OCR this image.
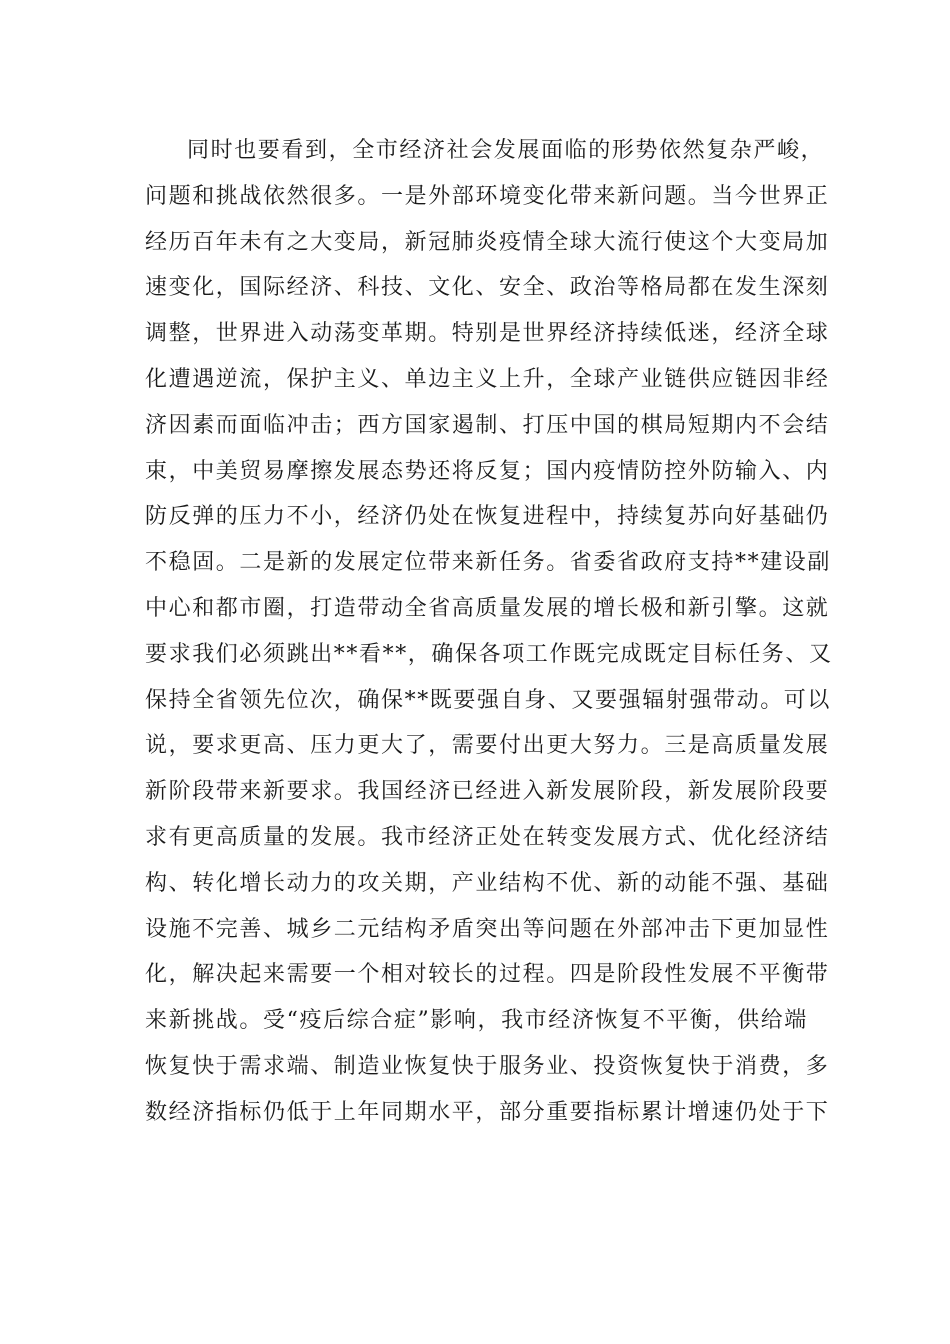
同时也要看到，全市经济社会发展面临的形势依然复杂严峻，
问题和挑战依然很多。一是外部环境变化带来新问题。当今世界正
经历百年未有之大变局，新冠肺炎疫情全球大流行使这个大变局加
速变化，国际经济、科技、文化、安全、政治等格局都在发生深刻
调整，世界进入动荡变革期。特别是世界经济持续低迷，经济全球
化遭遇逆流，保护主义、单边主义上升，全球产业链供应链因非经
济因素而面临冲击；西方国家遏制、打压中国的棋局短期内不会结
束，中美贸易摩擦发展态势还将反复；国内疫情防控外防输入、内
防反弹的压力不小，经济仍处在恢复进程中，持续复苏向好基础仍
不稳固。二是新的发展定位带来新任务。省委省政府支持**建设副
中心和都市圈，打造带动全省高质量发展的增长极和新引擎。这就
要求我们必须跳出**看**，确保各项工作既完成既定目标任务、又
保持全省领先位次，确保**既要强自身、又要强辐射强带动。可以
说，要求更高、压力更大了，需要付出更大努力。三是高质量发展
新阶段带来新要求。我国经济已经进入新发展阶段，新发展阶段要
求有更高质量的发展。我市经济正处在转变发展方式、优化经济结
构、转化增长动力的攻关期，产业结构不优、新的动能不强、基础
设施不完善、城乡二元结构矛盾突出等问题在外部冲击下更加显性
化，解决起来需要一个相对较长的过程。四是阶段性发展不平衡带
来新挑战。受“疫后综合症”影响，我市经济恢复不平衡，供给端
恢复快于需求端、制造业恢复快于服务业、投资恢复快于消费，多
数经济指标仍低于上年同期水平，部分重要指标累计增速仍处于下
